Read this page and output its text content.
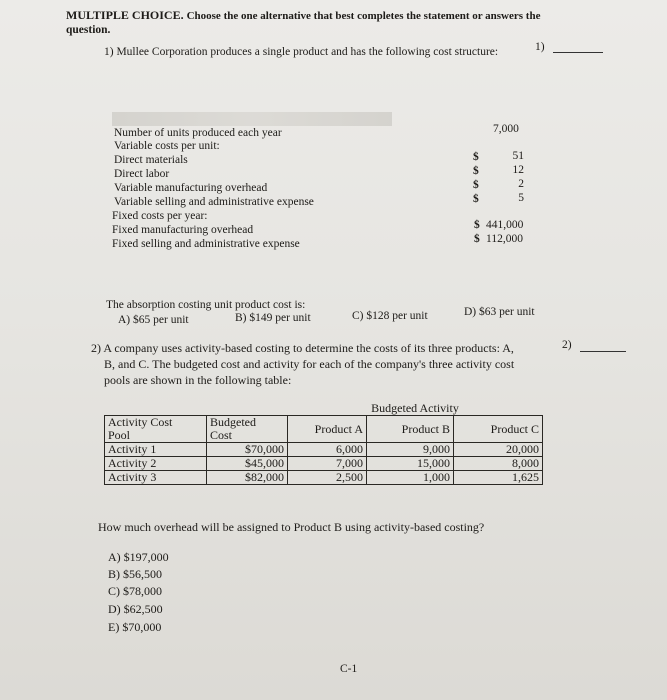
MULTIPLE CHOICE. Choose the one alternative that best completes the statement or answers the
question.
1) Mullee Corporation produces a single product and has the following cost structure:	1)
Number of units produced each year	7,000
Variable costs per unit:
Direct materials	$	51
Direct labor	$	12
Variable manufacturing overhead	$	2
Variable selling and administrative expense	$	5
Fixed costs per year:
Fixed manufacturing overhead	$ 441,000
Fixed selling and administrative expense	$ 112,000
The absorption costing unit product cost is:
A) $65 per unit	B) $149 per unit	C) $128 per unit	D) $63 per unit
2) A company uses activity-based costing to determine the costs of its three products: A,
B, and C. The budgeted cost and activity for each of the company's three activity cost
pools are shown in the following table:
2)
		Budgeted Activity		
Activity Cost	Budgeted	Product A	Product B	Product C
Pool	Cost			
Activity 1	$70,000	6,000	9,000	20,000
Activity 2	$45,000	7,000	15,000	8,000
Activity 3	$82,000	2,500	1,000	1,625
How much overhead will be assigned to Product B using activity-based costing?
A) $197,000
B) $56,500
C) $78,000
D) $62,500
E) $70,000
C-1
